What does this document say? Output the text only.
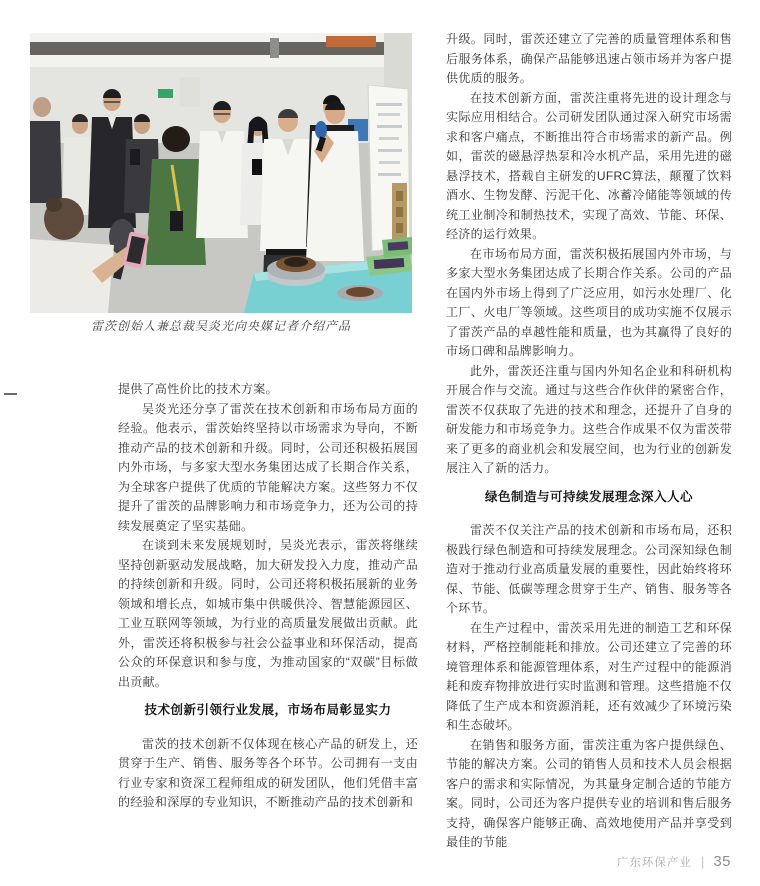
雷茨创始人兼总裁吴炎光向央媒记者介绍产品

提供了高性价比的技术方案。

吴炎光还分享了雷茨在技术创新和市场布局方面的经验。他表示，雷茨始终坚持以市场需求为导向，不断推动产品的技术创新和升级。同时，公司还积极拓展国内外市场，与多家大型水务集团达成了长期合作关系，为全球客户提供了优质的节能解决方案。这些努力不仅提升了雷茨的品牌影响力和市场竞争力，还为公司的持续发展奠定了坚实基础。

在谈到未来发展规划时，吴炎光表示，雷茨将继续坚持创新驱动发展战略，加大研发投入力度，推动产品的持续创新和升级。同时，公司还将积极拓展新的业务领域和增长点，如城市集中供暖供冷、智慧能源园区、工业互联网等领域，为行业的高质量发展做出贡献。此外，雷茨还将积极参与社会公益事业和环保活动，提高公众的环保意识和参与度，为推动国家的“双碳”目标做出贡献。

技术创新引领行业发展，市场布局彰显实力

雷茨的技术创新不仅体现在核心产品的研发上，还贯穿于生产、销售、服务等各个环节。公司拥有一支由行业专家和资深工程师组成的研发团队，他们凭借丰富的经验和深厚的专业知识，不断推动产品的技术创新和

升级。同时，雷茨还建立了完善的质量管理体系和售后服务体系，确保产品能够迅速占领市场并为客户提供优质的服务。

在技术创新方面，雷茨注重将先进的设计理念与实际应用相结合。公司研发团队通过深入研究市场需求和客户痛点，不断推出符合市场需求的新产品。例如，雷茨的磁悬浮热泵和冷水机产品，采用先进的磁悬浮技术，搭载自主研发的UFRC算法，颠覆了饮料酒水、生物发酵、污泥干化、冰蓄冷储能等领域的传统工业制冷和制热技术，实现了高效、节能、环保、经济的运行效果。

在市场布局方面，雷茨积极拓展国内外市场，与多家大型水务集团达成了长期合作关系。公司的产品在国内外市场上得到了广泛应用，如污水处理厂、化工厂、火电厂等领域。这些项目的成功实施不仅展示了雷茨产品的卓越性能和质量，也为其赢得了良好的市场口碑和品牌影响力。

此外，雷茨还注重与国内外知名企业和科研机构开展合作与交流。通过与这些合作伙伴的紧密合作，雷茨不仅获取了先进的技术和理念，还提升了自身的研发能力和市场竞争力。这些合作成果不仅为雷茨带来了更多的商业机会和发展空间，也为行业的创新发展注入了新的活力。

绿色制造与可持续发展理念深入人心

雷茨不仅关注产品的技术创新和市场布局，还积极践行绿色制造和可持续发展理念。公司深知绿色制造对于推动行业高质量发展的重要性，因此始终将环保、节能、低碳等理念贯穿于生产、销售、服务等各个环节。

在生产过程中，雷茨采用先进的制造工艺和环保材料，严格控制能耗和排放。公司还建立了完善的环境管理体系和能源管理体系，对生产过程中的能源消耗和废弃物排放进行实时监测和管理。这些措施不仅降低了生产成本和资源消耗，还有效减少了环境污染和生态破坏。

在销售和服务方面，雷茨注重为客户提供绿色、节能的解决方案。公司的销售人员和技术人员会根据客户的需求和实际情况，为其量身定制合适的节能方案。同时，公司还为客户提供专业的培训和售后服务支持，确保客户能够正确、高效地使用产品并享受到最佳的节能

广东环保产业 | 35
